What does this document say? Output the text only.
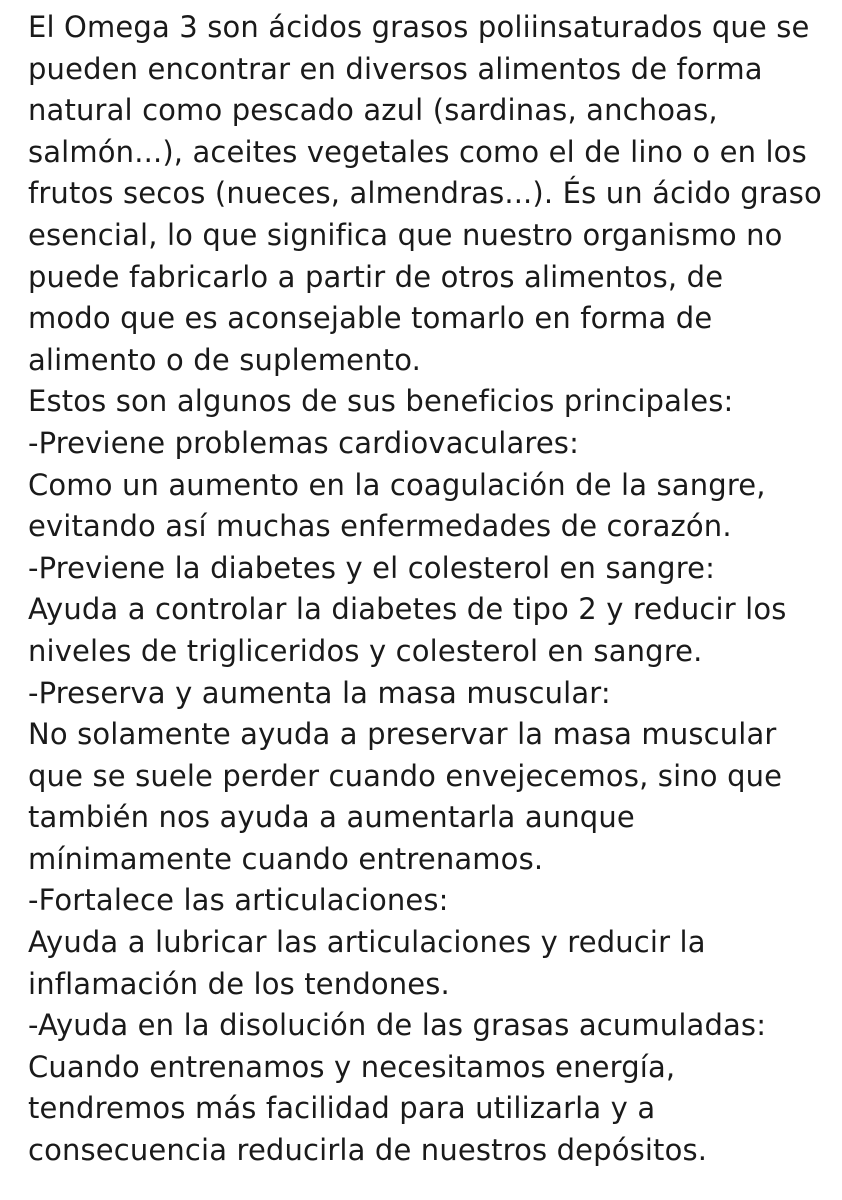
El Omega 3 son ácidos grasos poliinsaturados que se
pueden encontrar en diversos alimentos de forma
natural como pescado azul (sardinas, anchoas,
salmón...), aceites vegetales como el de lino o en los
frutos secos (nueces, almendras...). És un ácido graso
esencial, lo que significa que nuestro organismo no
puede fabricarlo a partir de otros alimentos, de
modo que es aconsejable tomarlo en forma de
alimento o de suplemento.
Estos son algunos de sus beneficios principales:
-Previene problemas cardiovaculares:
Como un aumento en la coagulación de la sangre,
evitando así muchas enfermedades de corazón.
-Previene la diabetes y el colesterol en sangre:
Ayuda a controlar la diabetes de tipo 2 y reducir los
niveles de trigliceridos y colesterol en sangre.
-Preserva y aumenta la masa muscular:
No solamente ayuda a preservar la masa muscular
que se suele perder cuando envejecemos, sino que
también nos ayuda a aumentarla aunque
mínimamente cuando entrenamos.
-Fortalece las articulaciones:
Ayuda a lubricar las articulaciones y reducir la
inflamación de los tendones.
-Ayuda en la disolución de las grasas acumuladas:
Cuando entrenamos y necesitamos energía,
tendremos más facilidad para utilizarla y a
consecuencia reducirla de nuestros depósitos.
